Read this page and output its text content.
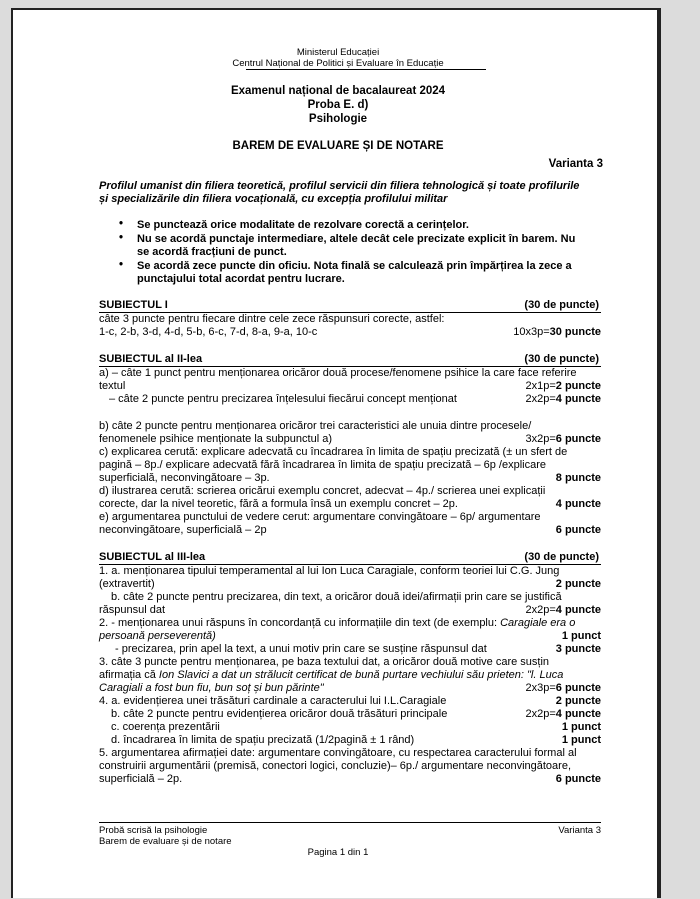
Ministerul Educației
Centrul Național de Politici și Evaluare în Educație
Examenul național de bacalaureat 2024
Proba E. d)
Psihologie
BAREM DE EVALUARE ȘI DE NOTARE
Varianta 3
Profilul umanist din filiera teoretică, profilul servicii din filiera tehnologică și toate profilurile
și specializările din filiera vocațională, cu excepția profilului militar
• Se punctează orice modalitate de rezolvare corectă a cerințelor.
• Nu se acordă punctaje intermediare, altele decât cele precizate explicit în barem. Nu
se acordă fracțiuni de punct.
• Se acordă zece puncte din oficiu. Nota finală se calculează prin împărțirea la zece a
punctajului total acordat pentru lucrare.
SUBIECTUL I	(30 de puncte)
câte 3 puncte pentru fiecare dintre cele zece răspunsuri corecte, astfel:
1-c, 2-b, 3-d, 4-d, 5-b, 6-c, 7-d, 8-a, 9-a, 10-c	10x3p=30 puncte
SUBIECTUL al II-lea	(30 de puncte)
a) – câte 1 punct pentru menționarea oricăror două procese/fenomene psihice la care face referire
textul	2x1p=2 puncte
– câte 2 puncte pentru precizarea înțelesului fiecărui concept menționat	2x2p=4 puncte
b) câte 2 puncte pentru menționarea oricăror trei caracteristici ale unuia dintre procesele/
fenomenele psihice menționate la subpunctul a)	3x2p=6 puncte
c) explicarea cerută: explicare adecvată cu încadrarea în limita de spațiu precizată (± un sfert de
pagină – 8p./ explicare adecvată fără încadrarea în limita de spațiu precizată – 6p /explicare
superficială, neconvingătoare – 3p.	8 puncte
d) ilustrarea cerută: scrierea oricărui exemplu concret, adecvat – 4p./ scrierea unei explicații
corecte, dar la nivel teoretic, fără a formula însă un exemplu concret – 2p.	4 puncte
e) argumentarea punctului de vedere cerut: argumentare convingătoare – 6p/ argumentare
neconvingătoare, superficială – 2p	6 puncte
SUBIECTUL al III-lea	(30 de puncte)
1. a. menționarea tipului temperamental al lui Ion Luca Caragiale, conform teoriei lui C.G. Jung
(extravertit)	2 puncte
b. câte 2 puncte pentru precizarea, din text, a oricăror două idei/afirmații prin care se justifică
răspunsul dat	2x2p=4 puncte
2. - menționarea unui răspuns în concordanță cu informațiile din text (de exemplu: Caragiale era o
persoană perseverentă)	1 punct
- precizarea, prin apel la text, a unui motiv prin care se susține răspunsul dat	3 puncte
3. câte 3 puncte pentru menționarea, pe baza textului dat, a oricăror două motive care susțin
afirmația că Ion Slavici a dat un strălucit certificat de bună purtare vechiului său prieten: "l. Luca
Caragiali a fost bun fiu, bun soț și bun părinte"	2x3p=6 puncte
4. a. evidențierea unei trăsături cardinale a caracterului lui I.L.Caragiale	2 puncte
b. câte 2 puncte pentru evidențierea oricăror două trăsături principale	2x2p=4 puncte
c. coerența prezentării	1 punct
d. încadrarea în limita de spațiu precizată (1/2pagină ± 1 rând)	1 punct
5. argumentarea afirmației date: argumentare convingătoare, cu respectarea caracterului formal al
construirii argumentării (premisă, conectori logici, concluzie)– 6p./ argumentare neconvingătoare,
superficială – 2p.	6 puncte
Probă scrisă la psihologie
Barem de evaluare și de notare
Varianta 3
Pagina 1 din 1
